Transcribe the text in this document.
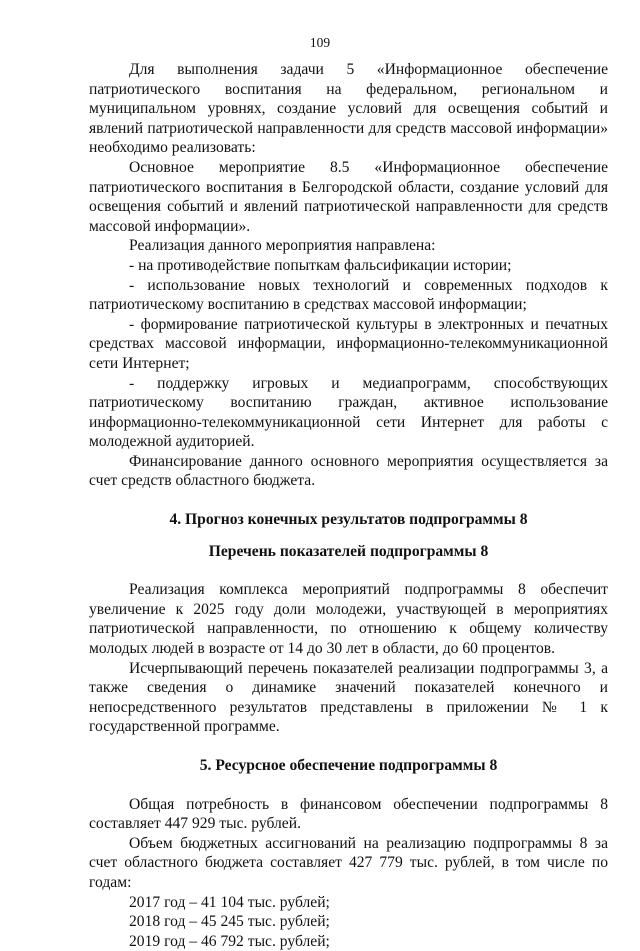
109

Для выполнения задачи 5 «Информационное обеспечение патриотического воспитания на федеральном, региональном и муниципальном уровнях, создание условий для освещения событий и явлений патриотической направленности для средств массовой информации» необходимо реализовать:

Основное мероприятие 8.5 «Информационное обеспечение патриотического воспитания в Белгородской области, создание условий для освещения событий и явлений патриотической направленности для средств массовой информации».

Реализация данного мероприятия направлена:

- на противодействие попыткам фальсификации истории;

- использование новых технологий и современных подходов к патриотическому воспитанию в средствах массовой информации;

- формирование патриотической культуры в электронных и печатных средствах массовой информации, информационно-телекоммуникационной сети Интернет;

- поддержку игровых и медиапрограмм, способствующих патриотическому воспитанию граждан, активное использование информационно-телекоммуникационной сети Интернет для работы с молодежной аудиторией.

Финансирование данного основного мероприятия осуществляется за счет средств областного бюджета.

4. Прогноз конечных результатов подпрограммы 8

Перечень показателей подпрограммы 8

Реализация комплекса мероприятий подпрограммы 8 обеспечит увеличение к 2025 году доли молодежи, участвующей в мероприятиях патриотической направленности, по отношению к общему количеству молодых людей в возрасте от 14 до 30 лет в области, до 60 процентов.

Исчерпывающий перечень показателей реализации подпрограммы 3, а также сведения о динамике значений показателей конечного и непосредственного результатов представлены в приложении № 1 к государственной программе.

5. Ресурсное обеспечение подпрограммы 8

Общая потребность в финансовом обеспечении подпрограммы 8 составляет 447 929 тыс. рублей.

Объем бюджетных ассигнований на реализацию подпрограммы 8 за счет областного бюджета составляет 427 779 тыс. рублей, в том числе по годам:

2017 год – 41 104 тыс. рублей;

2018 год – 45 245 тыс. рублей;

2019 год – 46 792 тыс. рублей;
